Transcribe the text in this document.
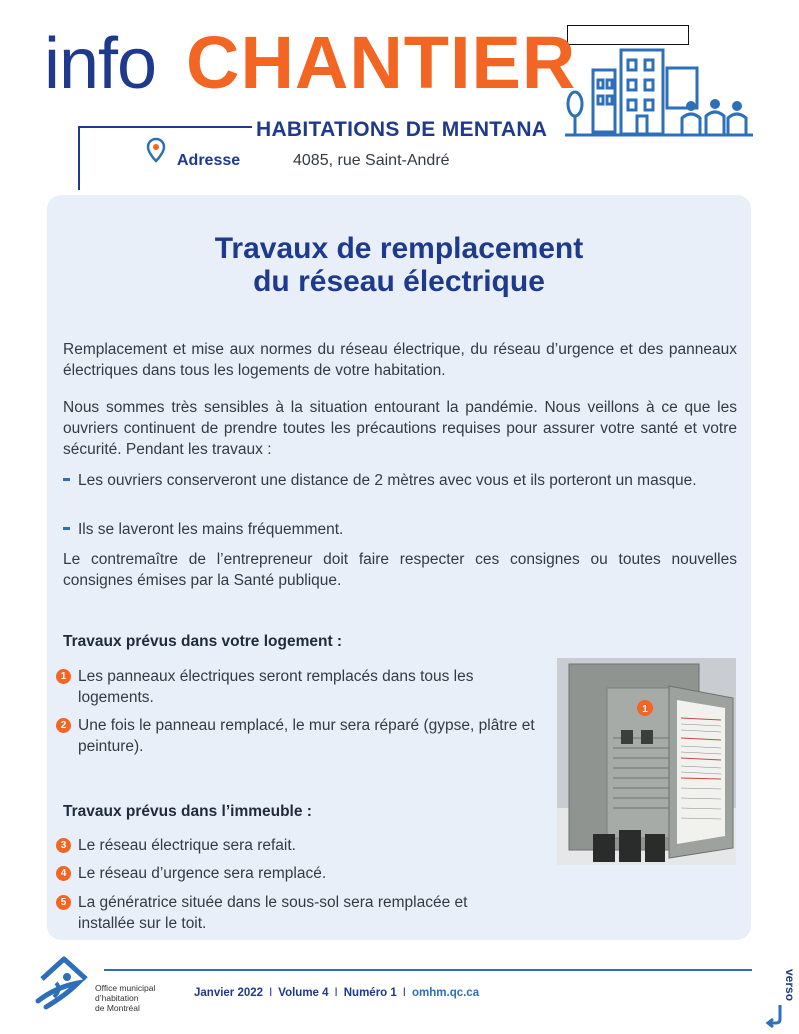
info CHANTIER
HABITATIONS DE MENTANA
Adresse	4085, rue Saint-André
Travaux de remplacement
du réseau électrique
Remplacement et mise aux normes du réseau électrique, du réseau d’urgence et des panneaux électriques dans tous les logements de votre habitation.
Nous sommes très sensibles à la situation entourant la pandémie. Nous veillons à ce que les ouvriers continuent de prendre toutes les précautions requises pour assurer votre santé et votre sécurité. Pendant les travaux :
Les ouvriers conserveront une distance de 2 mètres avec vous et ils porteront un masque.
Ils se laveront les mains fréquemment.
Le contremaître de l’entrepreneur doit faire respecter ces consignes ou toutes nouvelles consignes émises par la Santé publique.
Travaux prévus dans votre logement :
1 Les panneaux électriques seront remplacés dans tous les logements.
2 Une fois le panneau remplacé, le mur sera réparé (gypse, plâtre et peinture).
Travaux prévus dans l’immeuble :
3 Le réseau électrique sera refait.
4 Le réseau d’urgence sera remplacé.
5 La génératrice située dans le sous-sol sera remplacée et installée sur le toit.
1
Office municipal
d’habitation
de Montréal
Janvier 2022 I Volume 4 I Numéro 1 I omhm.qc.ca	verso
